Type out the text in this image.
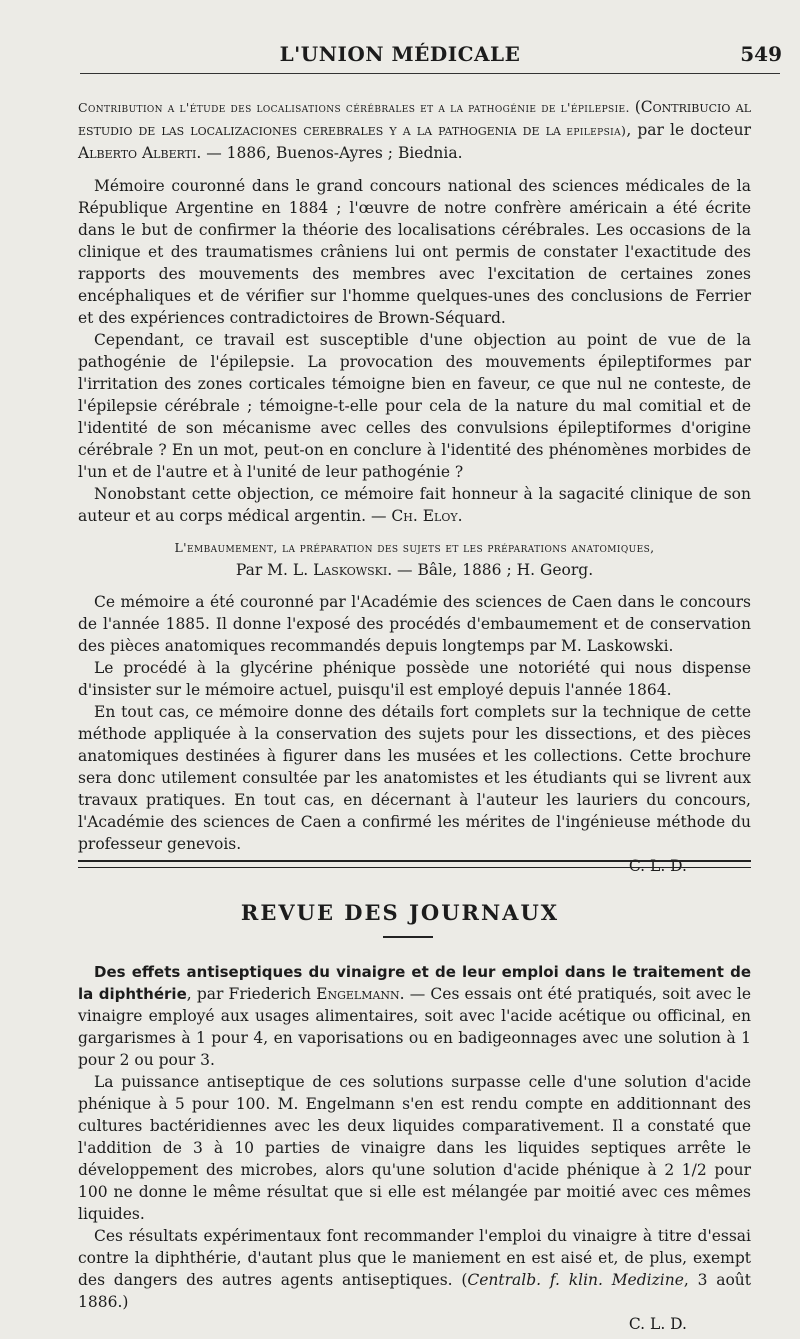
L'UNION MÉDICALE	549

Contribution a l'étude des localisations cérébrales et a la pathogénie de l'épilepsie. (Contribucio al estudio de las localizaciones cerebrales y a la pathogenia de la epilepsia), par le docteur Alberto Alberti. — 1886, Buenos-Ayres ; Biednia.

Mémoire couronné dans le grand concours national des sciences médicales de la République Argentine en 1884 ; l'œuvre de notre confrère américain a été écrite dans le but de confirmer la théorie des localisations cérébrales. Les occasions de la clinique et des traumatismes crâniens lui ont permis de constater l'exactitude des rapports des mouvements des membres avec l'excitation de certaines zones encéphaliques et de vérifier sur l'homme quelques-unes des conclusions de Ferrier et des expériences contradictoires de Brown-Séquard.

Cependant, ce travail est susceptible d'une objection au point de vue de la pathogénie de l'épilepsie. La provocation des mouvements épileptiformes par l'irritation des zones corticales témoigne bien en faveur, ce que nul ne conteste, de l'épilepsie cérébrale ; témoigne-t-elle pour cela de la nature du mal comitial et de l'identité de son mécanisme avec celles des convulsions épileptiformes d'origine cérébrale ? En un mot, peut-on en conclure à l'identité des phénomènes morbides de l'un et de l'autre et à l'unité de leur pathogénie ?

Nonobstant cette objection, ce mémoire fait honneur à la sagacité clinique de son auteur et au corps médical argentin. — Ch. Eloy.

L'embaumement, la préparation des sujets et les préparations anatomiques,

Par M. L. Laskowski. — Bâle, 1886 ; H. Georg.

Ce mémoire a été couronné par l'Académie des sciences de Caen dans le concours de l'année 1885. Il donne l'exposé des procédés d'embaumement et de conservation des pièces anatomiques recommandés depuis longtemps par M. Laskowski.

Le procédé à la glycérine phénique possède une notoriété qui nous dispense d'insister sur le mémoire actuel, puisqu'il est employé depuis l'année 1864.

En tout cas, ce mémoire donne des détails fort complets sur la technique de cette méthode appliquée à la conservation des sujets pour les dissections, et des pièces anatomiques destinées à figurer dans les musées et les collections. Cette brochure sera donc utilement consultée par les anatomistes et les étudiants qui se livrent aux travaux pratiques. En tout cas, en décernant à l'auteur les lauriers du concours, l'Académie des sciences de Caen a confirmé les mérites de l'ingénieuse méthode du professeur genevois.

C. L. D.

REVUE DES JOURNAUX

Des effets antiseptiques du vinaigre et de leur emploi dans le traitement de la diphthérie, par Friederich Engelmann. — Ces essais ont été pratiqués, soit avec le vinaigre employé aux usages alimentaires, soit avec l'acide acétique ou officinal, en gargarismes à 1 pour 4, en vaporisations ou en badigeonnages avec une solution à 1 pour 2 ou pour 3.

La puissance antiseptique de ces solutions surpasse celle d'une solution d'acide phénique à 5 pour 100. M. Engelmann s'en est rendu compte en additionnant des cultures bactéridiennes avec les deux liquides comparativement. Il a constaté que l'addition de 3 à 10 parties de vinaigre dans les liquides septiques arrête le développement des microbes, alors qu'une solution d'acide phénique à 2 1/2 pour 100 ne donne le même résultat que si elle est mélangée par moitié avec ces mêmes liquides.

Ces résultats expérimentaux font recommander l'emploi du vinaigre à titre d'essai contre la diphthérie, d'autant plus que le maniement en est aisé et, de plus, exempt des dangers des autres agents antiseptiques. (Centralb. f. klin. Medizine, 3 août 1886.)

C. L. D.
